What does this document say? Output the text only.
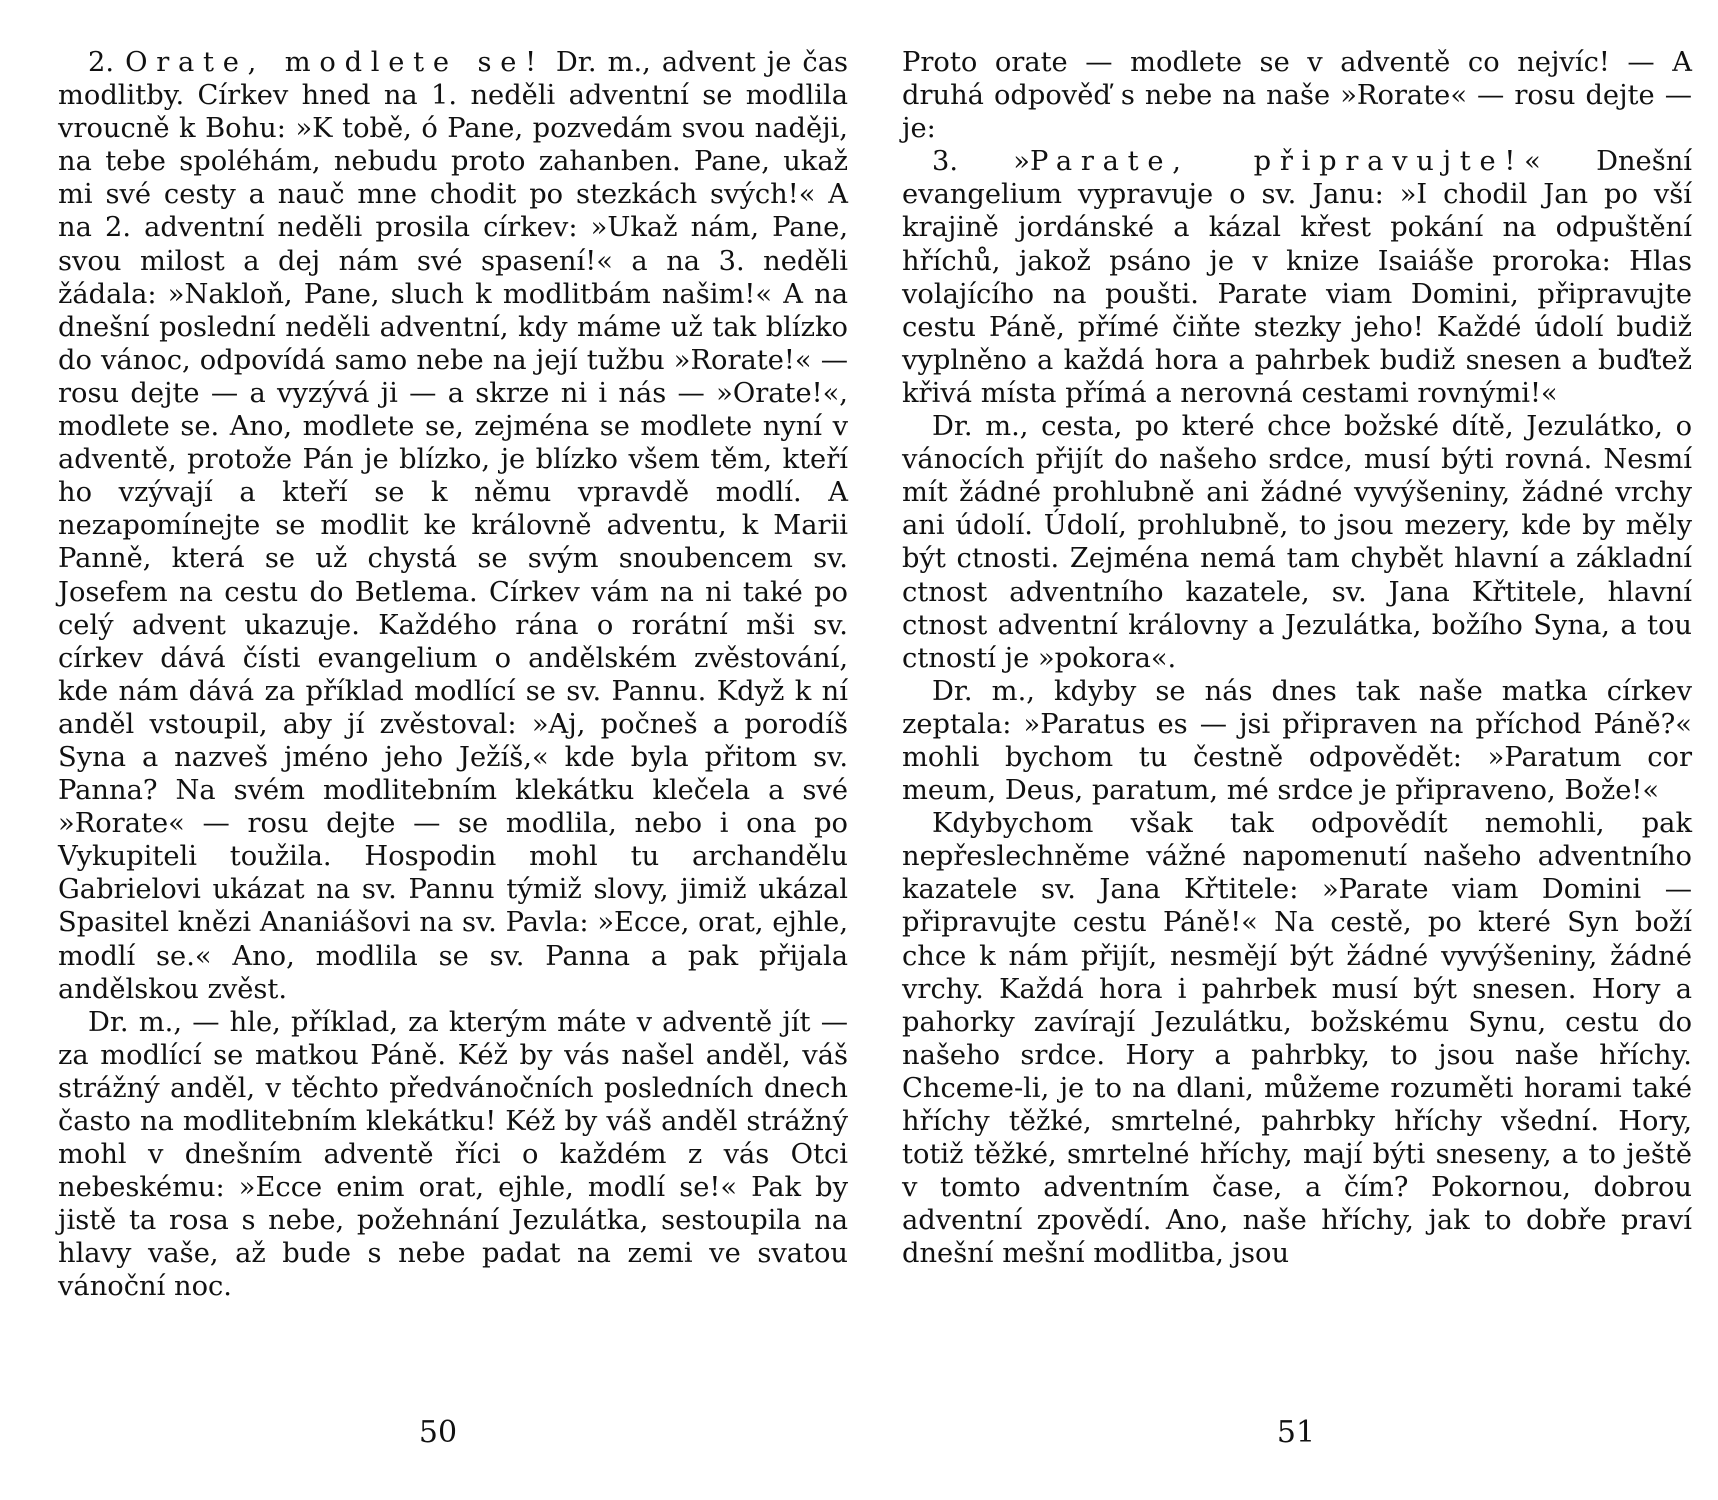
2. Orate, modlete se! Dr. m., advent je čas modlitby. Církev hned na 1. neděli adventní se modlila vroucně k Bohu: »K tobě, ó Pane, pozvedám svou naději, na tebe spoléhám, nebudu proto zahanben. Pane, ukaž mi své cesty a nauč mne chodit po stezkách svých!« A na 2. adventní neděli prosila církev: »Ukaž nám, Pane, svou milost a dej nám své spasení!« a na 3. neděli žádala: »Nakloň, Pane, sluch k modlitbám našim!« A na dnešní poslední neděli adventní, kdy máme už tak blízko do vánoc, odpovídá samo nebe na její tužbu »Rorate!« — rosu dejte — a vyzývá ji — a skrze ni i nás — »Orate!«, modlete se. Ano, modlete se, zejména se modlete nyní v adventě, protože Pán je blízko, je blízko všem těm, kteří ho vzývají a kteří se k němu vpravdě modlí. A nezapomínejte se modlit ke královně adventu, k Marii Panně, která se už chystá se svým snoubencem sv. Josefem na cestu do Betlema. Církev vám na ni také po celý advent ukazuje. Každého rána o rorátní mši sv. církev dává čísti evangelium o andělském zvěstování, kde nám dává za příklad modlící se sv. Pannu. Když k ní anděl vstoupil, aby jí zvěstoval: »Aj, počneš a porodíš Syna a nazveš jméno jeho Ježíš,« kde byla přitom sv. Panna? Na svém modlitebním klekátku klečela a své »Rorate« — rosu dejte — se modlila, nebo i ona po Vykupiteli toužila. Hospodin mohl tu archandělu Gabrielovi ukázat na sv. Pannu týmiž slovy, jimiž ukázal Spasitel knězi Ananiášovi na sv. Pavla: »Ecce, orat, ejhle, modlí se.« Ano, modlila se sv. Panna a pak přijala andělskou zvěst.

Dr. m., — hle, příklad, za kterým máte v adventě jít — za modlící se matkou Páně. Kéž by vás našel anděl, váš strážný anděl, v těchto předvánočních posledních dnech často na modlitebním klekátku! Kéž by váš anděl strážný mohl v dnešním adventě říci o každém z vás Otci nebeskému: »Ecce enim orat, ejhle, modlí se!« Pak by jistě ta rosa s nebe, požehnání Jezulátka, sestoupila na hlavy vaše, až bude s nebe padat na zemi ve svatou vánoční noc.

50

Proto orate — modlete se v adventě co nejvíc! — A druhá odpověď s nebe na naše »Rorate« — rosu dejte — je:

3. »Parate, připravujte!« Dnešní evangelium vypravuje o sv. Janu: »I chodil Jan po vší krajině jordánské a kázal křest pokání na odpuštění hříchů, jakož psáno je v knize Isaiáše proroka: Hlas volajícího na poušti. Parate viam Domini, připravujte cestu Páně, přímé čiňte stezky jeho! Každé údolí budiž vyplněno a každá hora a pahrbek budiž snesen a buďtež křivá místa přímá a nerovná cestami rovnými!«

Dr. m., cesta, po které chce božské dítě, Jezulátko, o vánocích přijít do našeho srdce, musí býti rovná. Nesmí mít žádné prohlubně ani žádné vyvýšeniny, žádné vrchy ani údolí. Údolí, prohlubně, to jsou mezery, kde by měly být ctnosti. Zejména nemá tam chybět hlavní a základní ctnost adventního kazatele, sv. Jana Křtitele, hlavní ctnost adventní královny a Jezulátka, božího Syna, a tou ctností je »pokora«.

Dr. m., kdyby se nás dnes tak naše matka církev zeptala: »Paratus es — jsi připraven na příchod Páně?« mohli bychom tu čestně odpovědět: »Paratum cor meum, Deus, paratum, mé srdce je připraveno, Bože!«

Kdybychom však tak odpovědít nemohli, pak nepřeslechněme vážné napomenutí našeho adventního kazatele sv. Jana Křtitele: »Parate viam Domini — připravujte cestu Páně!« Na cestě, po které Syn boží chce k nám přijít, nesmějí být žádné vyvýšeniny, žádné vrchy. Každá hora i pahrbek musí být snesen. Hory a pahorky zavírají Jezulátku, božskému Synu, cestu do našeho srdce. Hory a pahrbky, to jsou naše hříchy. Chceme-li, je to na dlani, můžeme rozuměti horami také hříchy těžké, smrtelné, pahrbky hříchy všední. Hory, totiž těžké, smrtelné hříchy, mají býti sneseny, a to ještě v tomto adventním čase, a čím? Pokornou, dobrou adventní zpovědí. Ano, naše hříchy, jak to dobře praví dnešní mešní modlitba, jsou

51
